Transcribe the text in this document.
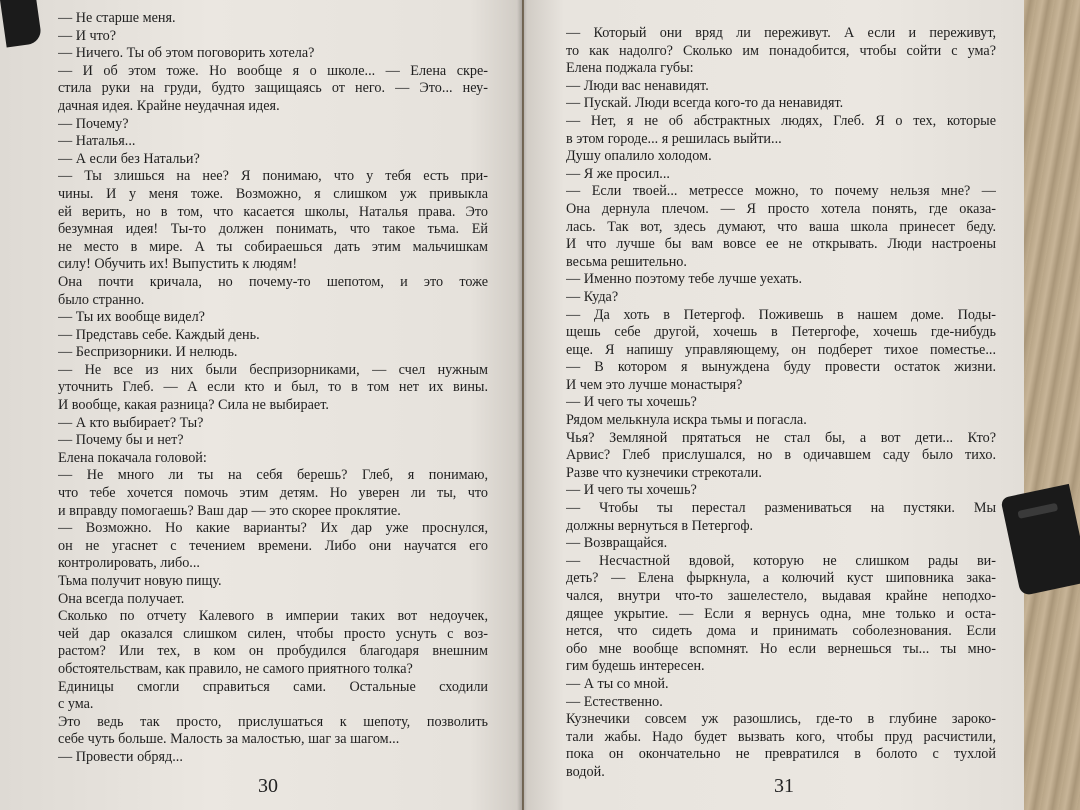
— Не старше меня.
— И что?
— Ничего. Ты об этом поговорить хотела?
— И об этом тоже. Но вообще я о школе... — Елена скре-
стила руки на груди, будто защищаясь от него. — Это... неу-
дачная идея. Крайне неудачная идея.
— Почему?
— Наталья...
— А если без Натальи?
— Ты злишься на нее? Я понимаю, что у тебя есть при-
чины. И у меня тоже. Возможно, я слишком уж привыкла
ей верить, но в том, что касается школы, Наталья права. Это
безумная идея! Ты-то должен понимать, что такое тьма. Ей
не место в мире. А ты собираешься дать этим мальчишкам
силу! Обучить их! Выпустить к людям!
Она почти кричала, но почему-то шепотом, и это тоже
было странно.
— Ты их вообще видел?
— Представь себе. Каждый день.
— Беспризорники. И нелюдь.
— Не все из них были беспризорниками, — счел нужным
уточнить Глеб. — А если кто и был, то в том нет их вины.
И вообще, какая разница? Сила не выбирает.
— А кто выбирает? Ты?
— Почему бы и нет?
Елена покачала головой:
— Не много ли ты на себя берешь? Глеб, я понимаю,
что тебе хочется помочь этим детям. Но уверен ли ты, что
и вправду помогаешь? Ваш дар — это скорее проклятие.
— Возможно. Но какие варианты? Их дар уже проснулся,
он не угаснет с течением времени. Либо они научатся его
контролировать, либо...
Тьма получит новую пищу.
Она всегда получает.
Сколько по отчету Калевого в империи таких вот недоучек,
чей дар оказался слишком силен, чтобы просто уснуть с воз-
растом? Или тех, в ком он пробудился благодаря внешним
обстоятельствам, как правило, не самого приятного толка?
Единицы смогли справиться сами. Остальные сходили
с ума.
Это ведь так просто, прислушаться к шепоту, позволить
себе чуть больше. Малость за малостью, шаг за шагом...
— Провести обряд...
30
— Который они вряд ли переживут. А если и переживут,
то как надолго? Сколько им понадобится, чтобы сойти с ума?
Елена поджала губы:
— Люди вас ненавидят.
— Пускай. Люди всегда кого-то да ненавидят.
— Нет, я не об абстрактных людях, Глеб. Я о тех, которые
в этом городе... я решилась выйти...
Душу опалило холодом.
— Я же просил...
— Если твоей... метрессе можно, то почему нельзя мне? —
Она дернула плечом. — Я просто хотела понять, где оказа-
лась. Так вот, здесь думают, что ваша школа принесет беду.
И что лучше бы вам вовсе ее не открывать. Люди настроены
весьма решительно.
— Именно поэтому тебе лучше уехать.
— Куда?
— Да хоть в Петергоф. Поживешь в нашем доме. Поды-
щешь себе другой, хочешь в Петергофе, хочешь где-нибудь
еще. Я напишу управляющему, он подберет тихое поместье...
— В котором я вынуждена буду провести остаток жизни.
И чем это лучше монастыря?
— И чего ты хочешь?
Рядом мелькнула искра тьмы и погасла.
Чья? Земляной прятаться не стал бы, а вот дети... Кто?
Арвис? Глеб прислушался, но в одичавшем саду было тихо.
Разве что кузнечики стрекотали.
— И чего ты хочешь?
— Чтобы ты перестал размениваться на пустяки. Мы
должны вернуться в Петергоф.
— Возвращайся.
— Несчастной вдовой, которую не слишком рады ви-
деть? — Елена фыркнула, а колючий куст шиповника зака-
чался, внутри что-то зашелестело, выдавая крайне неподхо-
дящее укрытие. — Если я вернусь одна, мне только и оста-
нется, что сидеть дома и принимать соболезнования. Если
обо мне вообще вспомнят. Но если вернешься ты... ты мно-
гим будешь интересен.
— А ты со мной.
— Естественно.
Кузнечики совсем уж разошлись, где-то в глубине зароко-
тали жабы. Надо будет вызвать кого, чтобы пруд расчистили,
пока он окончательно не превратился в болото с тухлой
водой.
31
